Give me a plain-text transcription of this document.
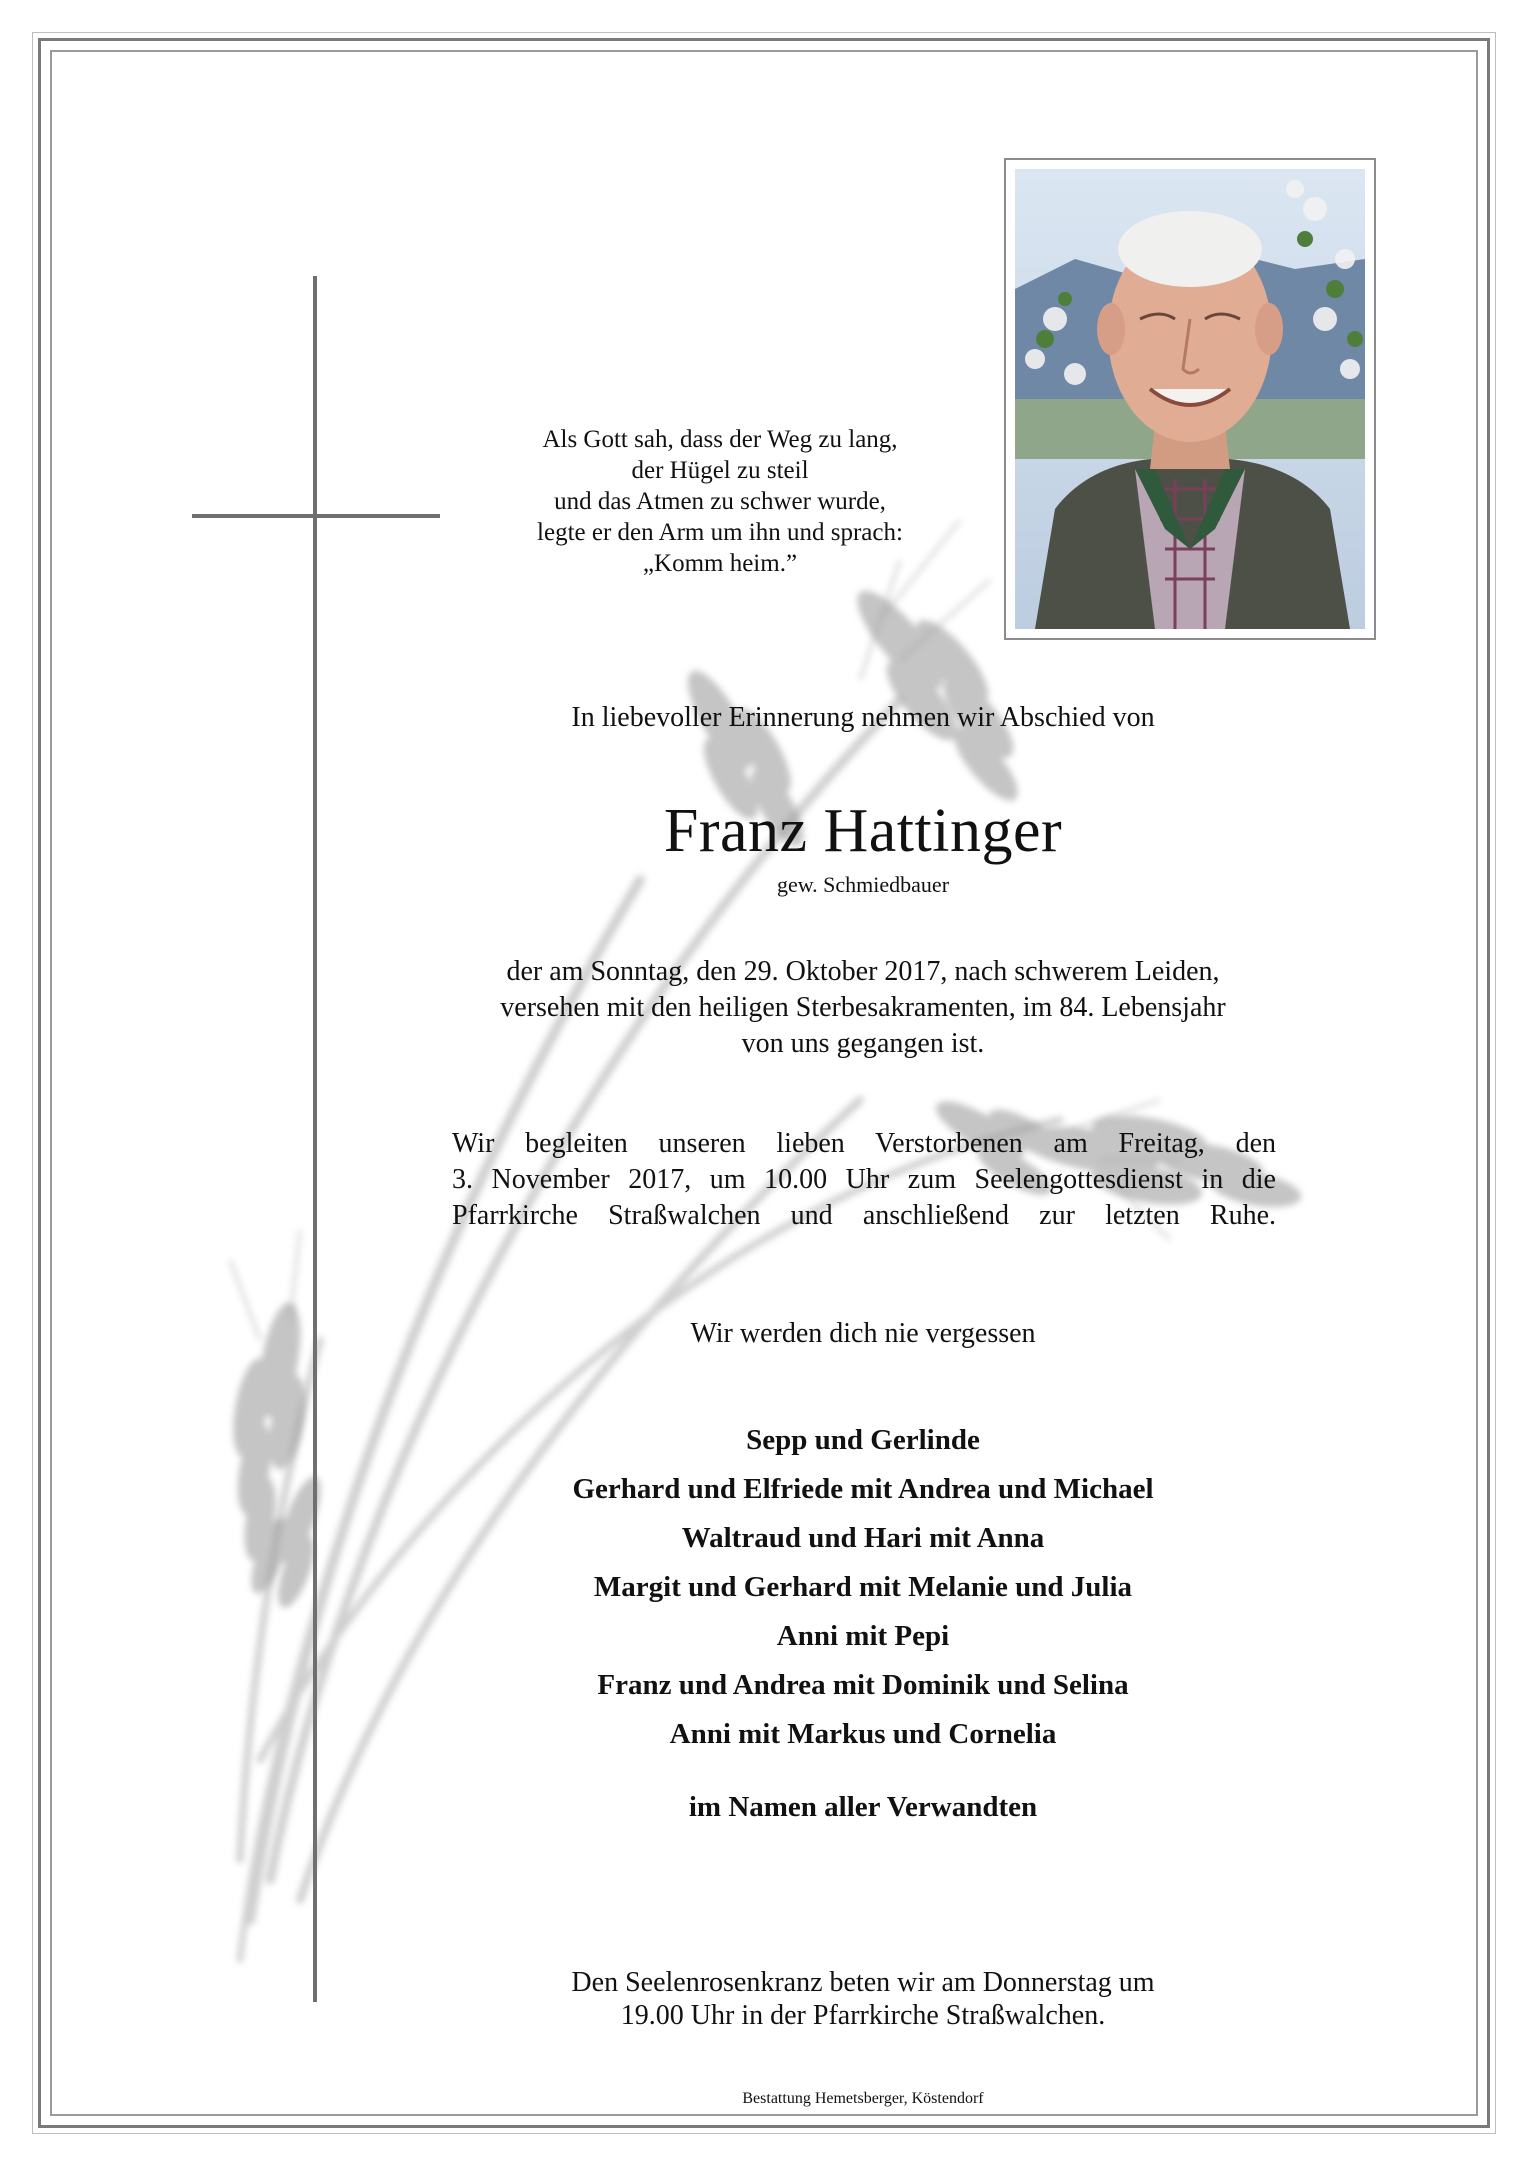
Als Gott sah, dass der Weg zu lang,
der Hügel zu steil
und das Atmen zu schwer wurde,
legte er den Arm um ihn und sprach:
„Komm heim.”
In liebevoller Erinnerung nehmen wir Abschied von
Franz Hattinger
gew. Schmiedbauer
der am Sonntag, den 29. Oktober 2017, nach schwerem Leiden,
versehen mit den heiligen Sterbesakramenten, im 84. Lebensjahr
von uns gegangen ist.
Wir begleiten unseren lieben Verstorbenen am Freitag, den
3. November 2017, um 10.00 Uhr zum Seelengottesdienst in die
Pfarrkirche Straßwalchen und anschließend zur letzten Ruhe.
Wir werden dich nie vergessen
Sepp und Gerlinde
Gerhard und Elfriede mit Andrea und Michael
Waltraud und Hari mit Anna
Margit und Gerhard mit Melanie und Julia
Anni mit Pepi
Franz und Andrea mit Dominik und Selina
Anni mit Markus und Cornelia
im Namen aller Verwandten
Den Seelenrosenkranz beten wir am Donnerstag um
19.00 Uhr in der Pfarrkirche Straßwalchen.
Bestattung Hemetsberger, Köstendorf
